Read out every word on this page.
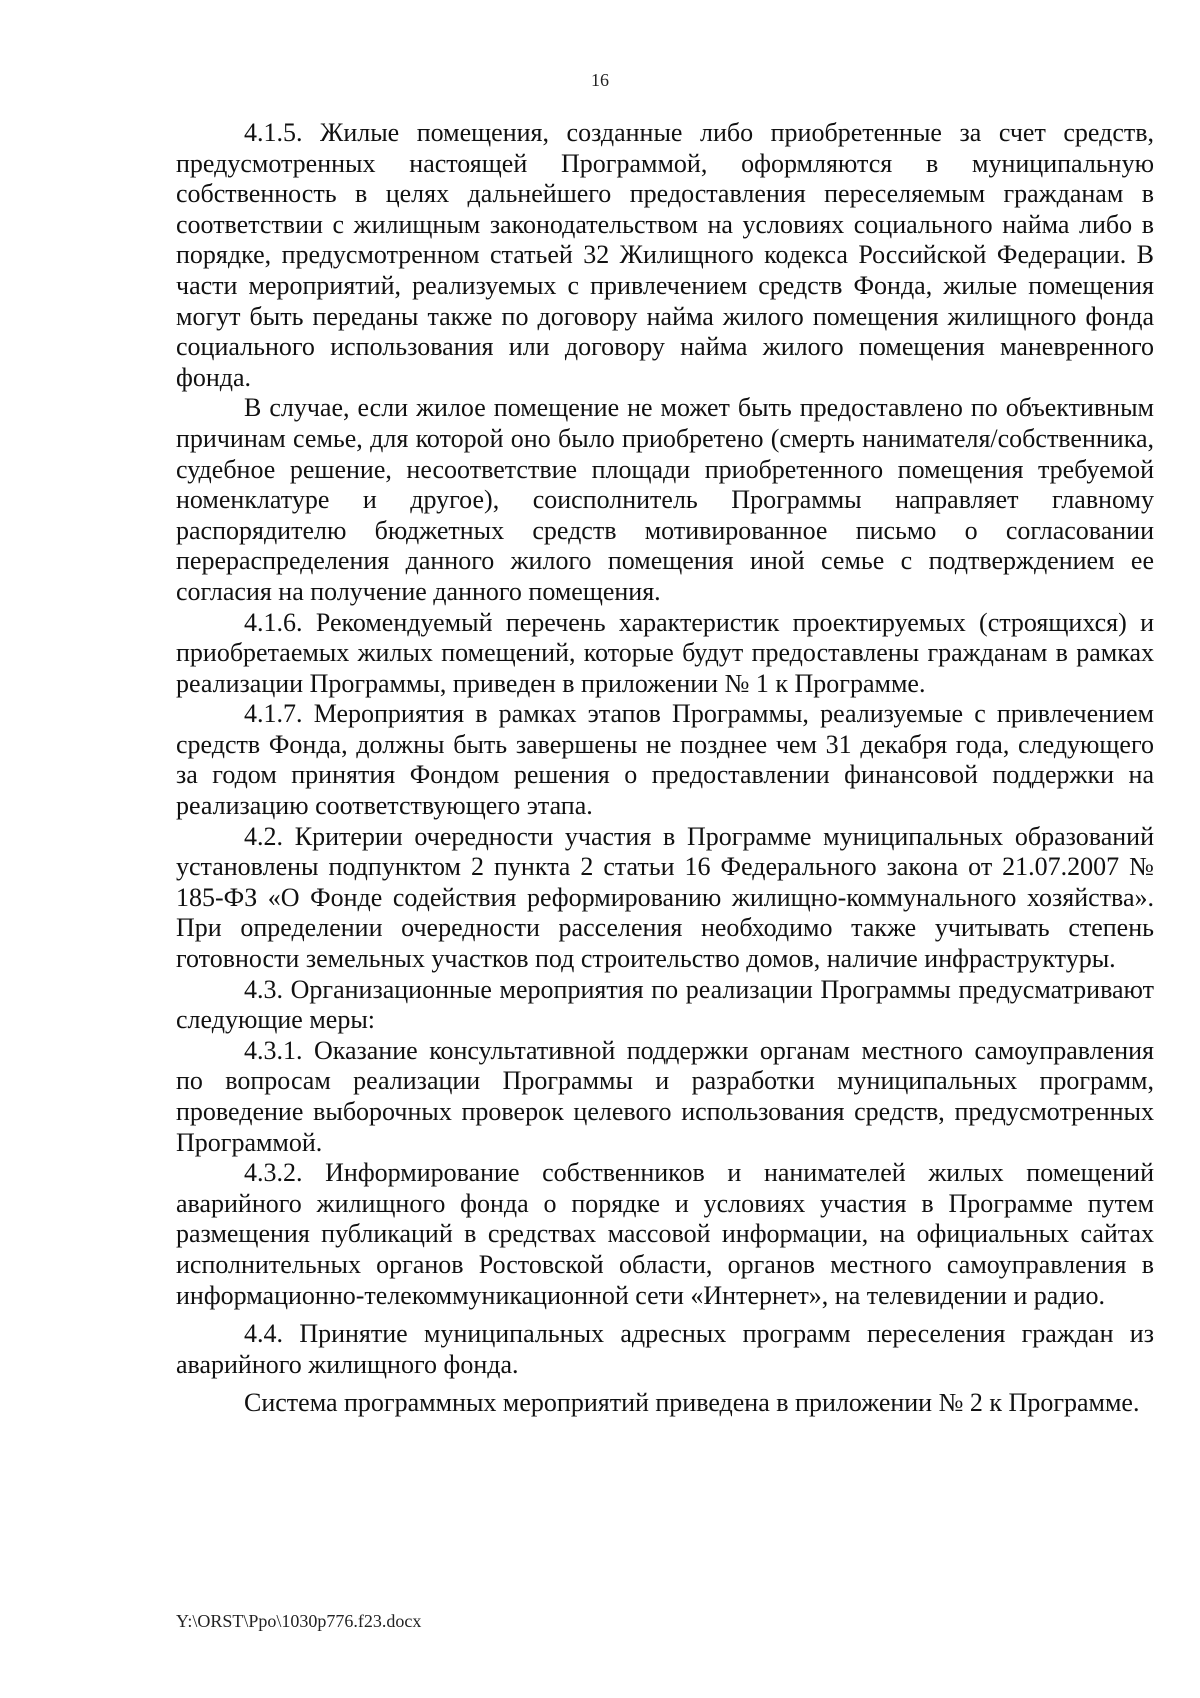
16

4.1.5. Жилые помещения, созданные либо приобретенные за счет средств, предусмотренных настоящей Программой, оформляются в муниципальную собственность в целях дальнейшего предоставления переселяемым гражданам в соответствии с жилищным законодательством на условиях социального найма либо в порядке, предусмотренном статьей 32 Жилищного кодекса Российской Федерации. В части мероприятий, реализуемых с привлечением средств Фонда, жилые помещения могут быть переданы также по договору найма жилого помещения жилищного фонда социального использования или договору найма жилого помещения маневренного фонда.

В случае, если жилое помещение не может быть предоставлено по объективным причинам семье, для которой оно было приобретено (смерть нанимателя/собственника, судебное решение, несоответствие площади приобретенного помещения требуемой номенклатуре и другое), соисполнитель Программы направляет главному распорядителю бюджетных средств мотивированное письмо о согласовании перераспределения данного жилого помещения иной семье с подтверждением ее согласия на получение данного помещения.

4.1.6. Рекомендуемый перечень характеристик проектируемых (строящихся) и приобретаемых жилых помещений, которые будут предоставлены гражданам в рамках реализации Программы, приведен в приложении № 1 к Программе.

4.1.7. Мероприятия в рамках этапов Программы, реализуемые с привлечением средств Фонда, должны быть завершены не позднее чем 31 декабря года, следующего за годом принятия Фондом решения о предоставлении финансовой поддержки на реализацию соответствующего этапа.

4.2. Критерии очередности участия в Программе муниципальных образований установлены подпунктом 2 пункта 2 статьи 16 Федерального закона от 21.07.2007 № 185-ФЗ «О Фонде содействия реформированию жилищно-коммунального хозяйства». При определении очередности расселения необходимо также учитывать степень готовности земельных участков под строительство домов, наличие инфраструктуры.

4.3. Организационные мероприятия по реализации Программы предусматривают следующие меры:

4.3.1. Оказание консультативной поддержки органам местного самоуправления по вопросам реализации Программы и разработки муниципальных программ, проведение выборочных проверок целевого использования средств, предусмотренных Программой.

4.3.2. Информирование собственников и нанимателей жилых помещений аварийного жилищного фонда о порядке и условиях участия в Программе путем размещения публикаций в средствах массовой информации, на официальных сайтах исполнительных органов Ростовской области, органов местного самоуправления в информационно-телекоммуникационной сети «Интернет», на телевидении и радио.

4.4. Принятие муниципальных адресных программ переселения граждан из аварийного жилищного фонда.

Система программных мероприятий приведена в приложении № 2 к Программе.

Y:\ORST\Ppo\1030p776.f23.docx
